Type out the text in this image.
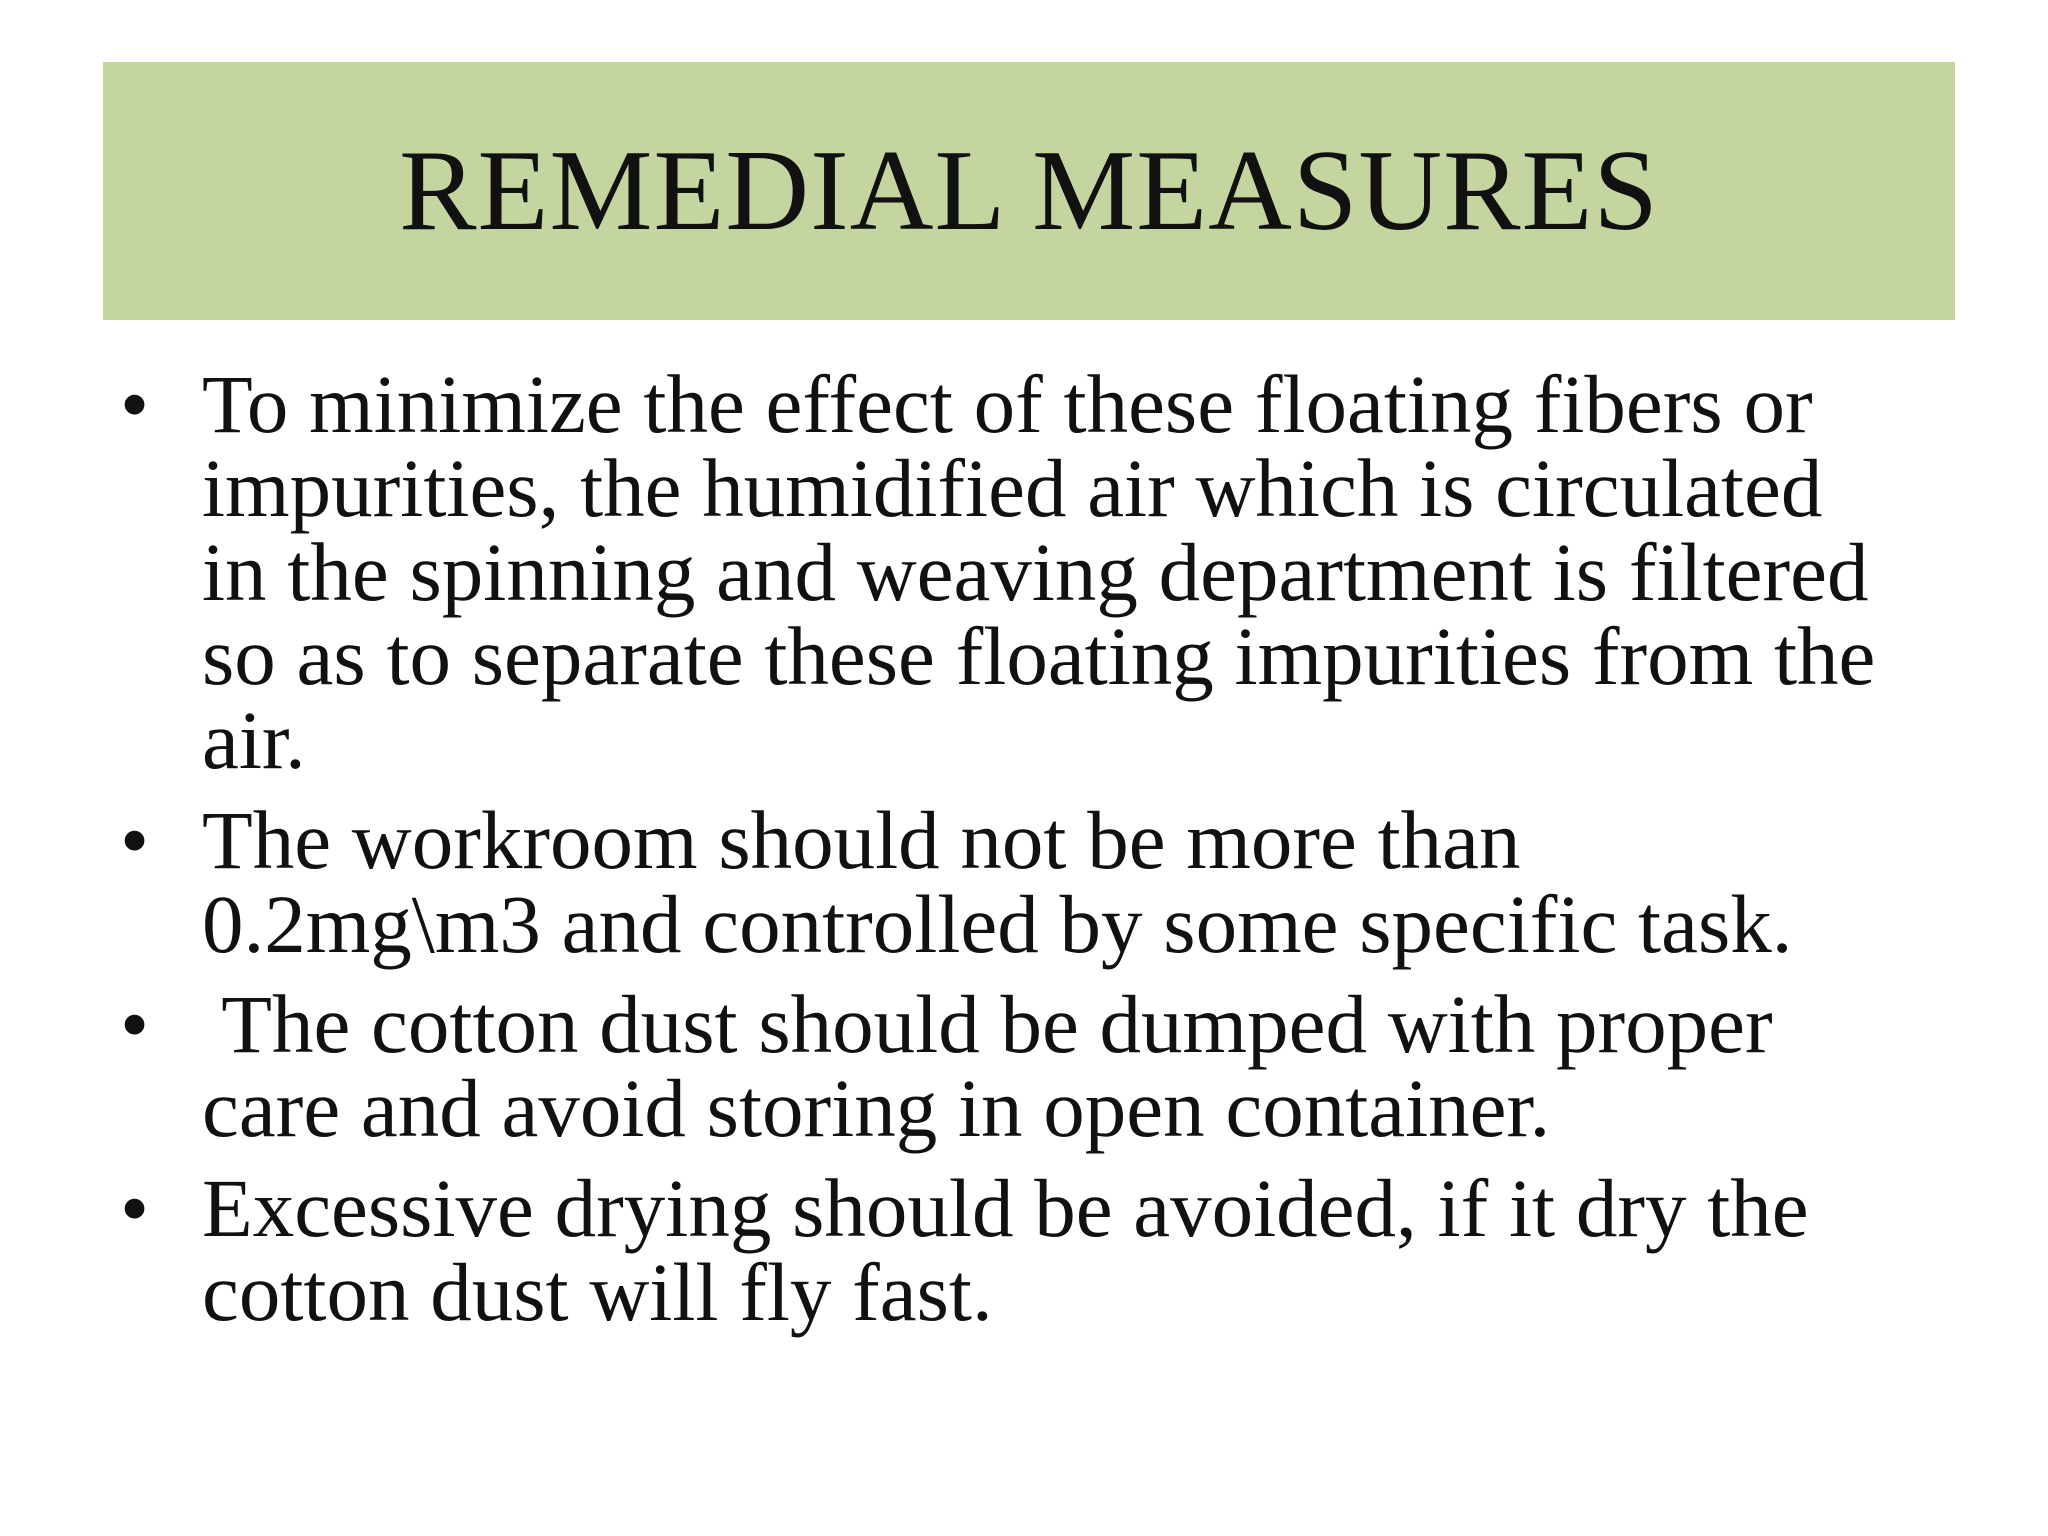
REMEDIAL MEASURES
• To minimize the effect of these floating fibers or
impurities, the humidified air which is circulated
in the spinning and weaving department is filtered
so as to separate these floating impurities from the
air.
• The workroom should not be more than
0.2mg\m3 and controlled by some specific task.
• The cotton dust should be dumped with proper
care and avoid storing in open container.
• Excessive drying should be avoided, if it dry the
cotton dust will fly fast.
